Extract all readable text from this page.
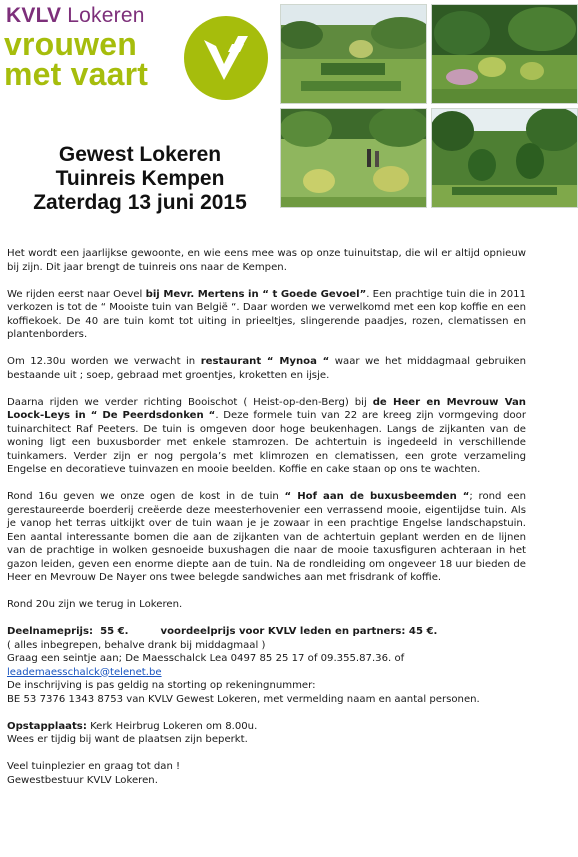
KVLV Lokeren
vrouwen
met vaart
Gewest Lokeren
Tuinreis Kempen
Zaterdag 13 juni 2015

Het wordt een jaarlijkse gewoonte, en wie eens mee was op onze tuinuitstap, die wil er altijd opnieuw bij zijn. Dit jaar brengt de tuinreis ons naar de Kempen.

We rijden eerst naar Oevel bij Mevr. Mertens in “ t Goede Gevoel”. Een prachtige tuin die in 2011 verkozen is tot de “ Mooiste tuin van België “. Daar worden we verwelkomd met een kop koffie en een koffiekoek. De 40 are tuin komt tot uiting in prieeltjes, slingerende paadjes, rozen, clematissen en plantenborders.

Om 12.30u worden we verwacht in restaurant “ Mynoa “ waar we het middagmaal gebruiken bestaande uit ; soep, gebraad met groentjes, kroketten en ijsje.

Daarna rijden we verder richting Booischot ( Heist-op-den-Berg) bij de Heer en Mevrouw Van Loock-Leys in “ De Peerdsdonken “. Deze formele tuin van 22 are kreeg zijn vormgeving door tuinarchitect Raf Peeters. De tuin is omgeven door hoge beukenhagen. Langs de zijkanten van de woning ligt een buxusborder met enkele stamrozen. De achtertuin is ingedeeld in verschillende tuinkamers. Verder zijn er nog pergola’s met klimrozen en clematissen, een grote verzameling Engelse en decoratieve tuinvazen en mooie beelden. Koffie en cake staan op ons te wachten.

Rond 16u geven we onze ogen de kost in de tuin “ Hof aan de buxusbeemden “; rond een gerestaureerde boerderij creëerde deze meesterhovenier een verrassend mooie, eigentijdse tuin. Als je vanop het terras uitkijkt over de tuin waan je je zowaar in een prachtige Engelse landschapstuin. Een aantal interessante bomen die aan de zijkanten van de achtertuin geplant werden en de lijnen van de prachtige in wolken gesnoeide buxushagen die naar de mooie taxusfiguren achteraan in het gazon leiden, geven een enorme diepte aan de tuin. Na de rondleiding om ongeveer 18 uur bieden de Heer en Mevrouw De Nayer ons twee belegde sandwiches aan met frisdrank of koffie.

Rond 20u zijn we terug in Lokeren.

Deelnameprijs:  55 €.	voordeelprijs voor KVLV leden en partners: 45 €.

( alles inbegrepen, behalve drank bij middagmaal )

Graag een seintje aan; De Maesschalck Lea 0497 85 25 17 of 09.355.87.36. of

leademaesschalck@telenet.be

De inschrijving is pas geldig na storting op rekeningnummer:

BE 53 7376 1343 8753 van KVLV Gewest Lokeren, met vermelding naam en aantal personen.

Opstapplaats: Kerk Heirbrug Lokeren om 8.00u.

Wees er tijdig bij want de plaatsen zijn beperkt.

Veel tuinplezier en graag tot dan !

Gewestbestuur KVLV Lokeren.
